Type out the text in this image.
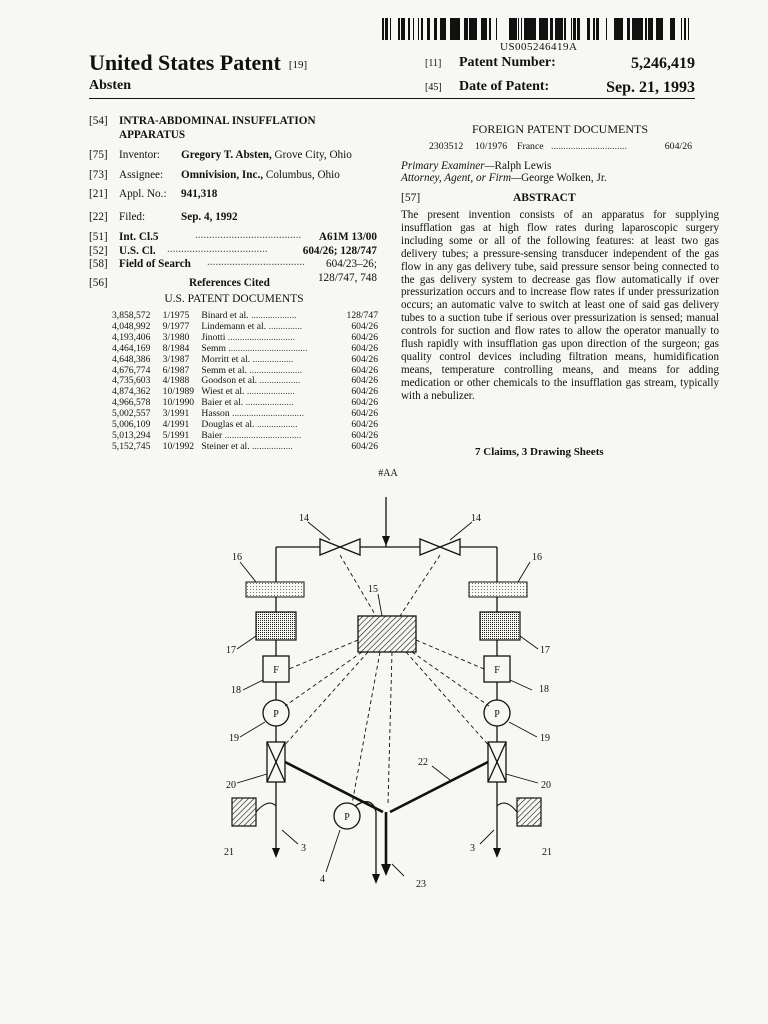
US005246419A
United States Patent [19]
Absten
[11] Patent Number:	5,246,419
[45] Date of Patent:	Sep. 21, 1993
[54] INTRA-ABDOMINAL INSUFFLATION
APPARATUS
[75] Inventor: Gregory T. Absten, Grove City, Ohio
[73] Assignee: Omnivision, Inc., Columbus, Ohio
[21] Appl. No.: 941,318
[22] Filed:	Sep. 4, 1992
[51] Int. Cl.5	...................................... A61M 13/00
[52] U.S. Cl. ....................................	604/26; 128/747
[58] Field of Search ................................... 604/23–26;
128/747, 748
[56]	References Cited
U.S. PATENT DOCUMENTS
3,858,572	1/1975	Binard et al. ...................	128/747
4,048,992	9/1977	Lindemann et al. ..............	604/26
4,193,406	3/1980	Jinotti ............................	604/26
4,464,169	8/1984	Semm .................................	604/26
4,648,386	3/1987	Morritt et al. .................	604/26
4,676,774	6/1987	Semm et al. ......................	604/26
4,735,603	4/1988	Goodson et al. .................	604/26
4,874,362	10/1989	Wiest et al. ....................	604/26
4,966,578	10/1990	Baier et al. ....................	604/26
5,002,557	3/1991	Hasson ..............................	604/26
5,006,109	4/1991	Douglas et al. .................	604/26
5,013,294	5/1991	Baier ................................	604/26
5,152,745	10/1992	Steiner et al. .................	604/26
FOREIGN PATENT DOCUMENTS
2303512 10/1976 France ...............................	604/26
Primary Examiner—Ralph Lewis
Attorney, Agent, or Firm—George Wolken, Jr.
[57]	ABSTRACT
The present invention consists of an apparatus for supplying insufflation gas at high flow rates during laparoscopic surgery including some or all of the following features: at least two gas delivery tubes; a pressure-sensing transducer independent of the gas flow in any gas delivery tube, said pressure sensor being connected to the gas delivery system to decrease gas flow automatically if over pressurization occurs and to increase flow rates if under pressurization occurs; an automatic valve to switch at least one of said gas delivery tubes to a suction tube if serious over pressurization is sensed; manual controls for suction and flow rates to allow the operator manually to flush rapidly with insufflation gas upon direction of the surgeon; gas quality control devices including filtration means, humidification means, temperature controlling means, and means for adding medication or other chemicals to the insufflation gas stream, typically with a nebulizer.
7 Claims, 3 Drawing Sheets
#AA
F	F
P	P
P
14	14
16	16
15
17	17
18	18
19	19
20	20
22
21	21
3	3
4	23
